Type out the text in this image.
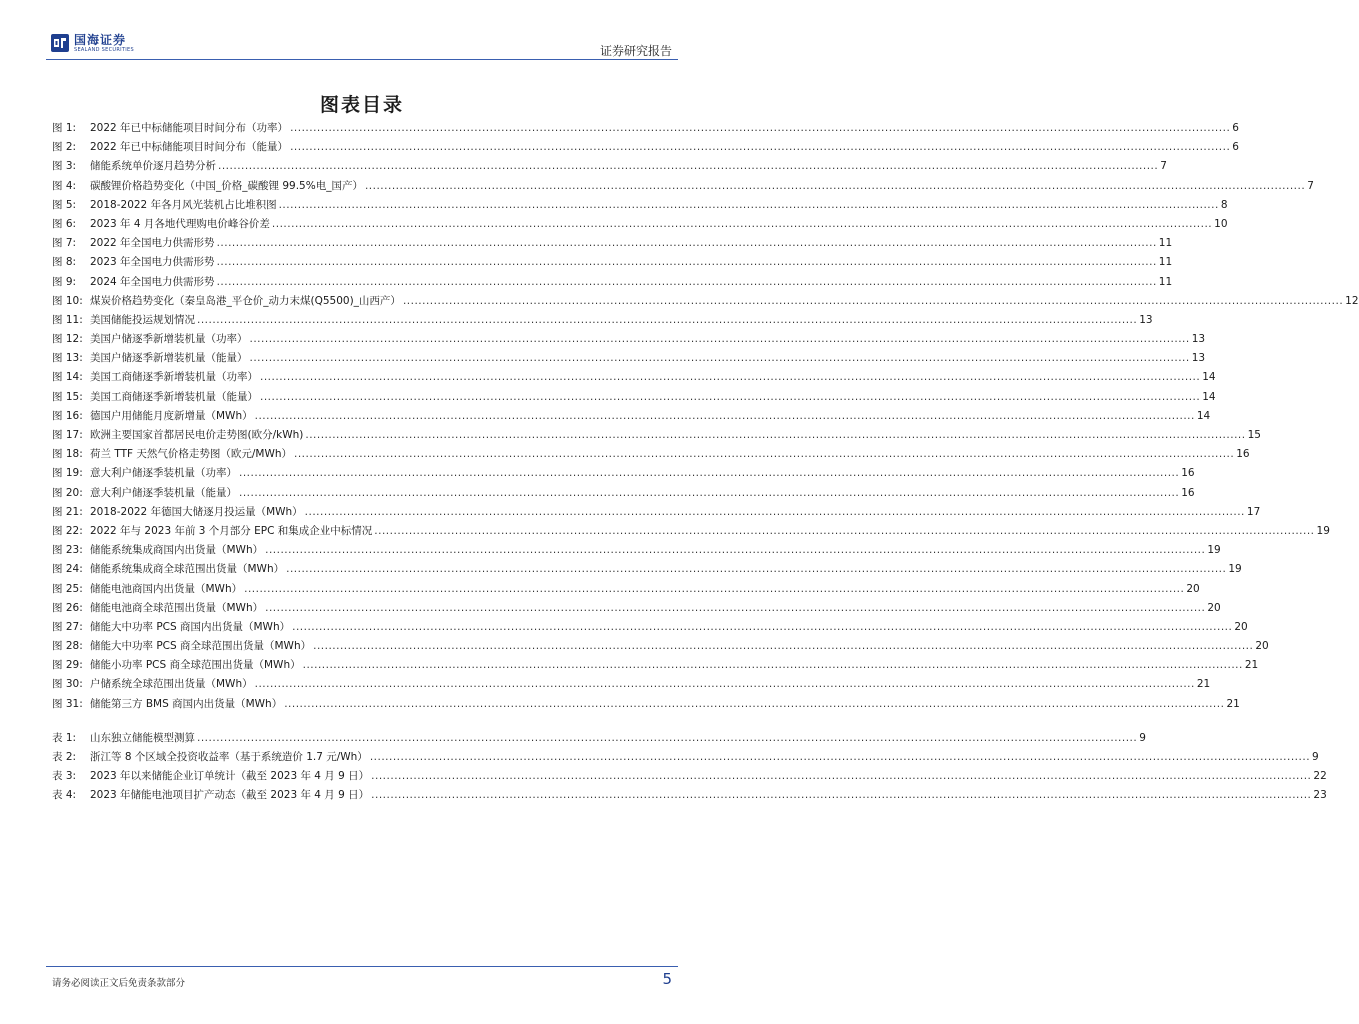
国海证券
SEALAND SECURITIES	证券研究报告
图表目录
图 1:	2022 年已中标储能项目时间分布（功率） .....	6
图 2:	2022 年已中标储能项目时间分布（能量） .....	6
图 3:	储能系统单价逐月趋势分析 .....	7
图 4:	碳酸锂价格趋势变化（中国_价格_碳酸锂 99.5%电_国产） .....	7
图 5:	2018-2022 年各月风光装机占比堆积图 .....	8
图 6:	2023 年 4 月各地代理购电价峰谷价差 .....	10
图 7:	2022 年全国电力供需形势 .....	11
图 8:	2023 年全国电力供需形势 .....	11
图 9:	2024 年全国电力供需形势 .....	11
图 10: 煤炭价格趋势变化（秦皇岛港_平仓价_动力末煤(Q5500)_山西产） .....	12
图 11: 美国储能投运规划情况 .....	13
图 12: 美国户储逐季新增装机量（功率） .....	13
图 13: 美国户储逐季新增装机量（能量） .....	13
图 14: 美国工商储逐季新增装机量（功率） .....	14
图 15: 美国工商储逐季新增装机量（能量） .....	14
图 16: 德国户用储能月度新增量（MWh） .....	14
图 17: 欧洲主要国家首都居民电价走势图(欧分/kWh) .....	15
图 18: 荷兰 TTF 天然气价格走势图（欧元/MWh） .....	16
图 19: 意大利户储逐季装机量（功率） .....	16
图 20: 意大利户储逐季装机量（能量） .....	16
图 21: 2018-2022 年德国大储逐月投运量（MWh） .....	17
图 22: 2022 年与 2023 年前 3 个月部分 EPC 和集成企业中标情况 .....	19
图 23: 储能系统集成商国内出货量（MWh） .....	19
图 24: 储能系统集成商全球范围出货量（MWh） .....	19
图 25: 储能电池商国内出货量（MWh） .....	20
图 26: 储能电池商全球范围出货量（MWh） .....	20
图 27: 储能大中功率 PCS 商国内出货量（MWh） .....	20
图 28: 储能大中功率 PCS 商全球范围出货量（MWh） .....	20
图 29: 储能小功率 PCS 商全球范围出货量（MWh） .....	21
图 30: 户储系统全球范围出货量（MWh） .....	21
图 31: 储能第三方 BMS 商国内出货量（MWh） .....	21
表 1:	山东独立储能模型测算 .....	9
表 2:	浙江等 8 个区域全投资收益率（基于系统造价 1.7 元/Wh） .....	9
表 3:	2023 年以来储能企业订单统计（截至 2023 年 4 月 9 日） .....	22
表 4:	2023 年储能电池项目扩产动态（截至 2023 年 4 月 9 日） .....	23
请务必阅读正文后免责条款部分	5
